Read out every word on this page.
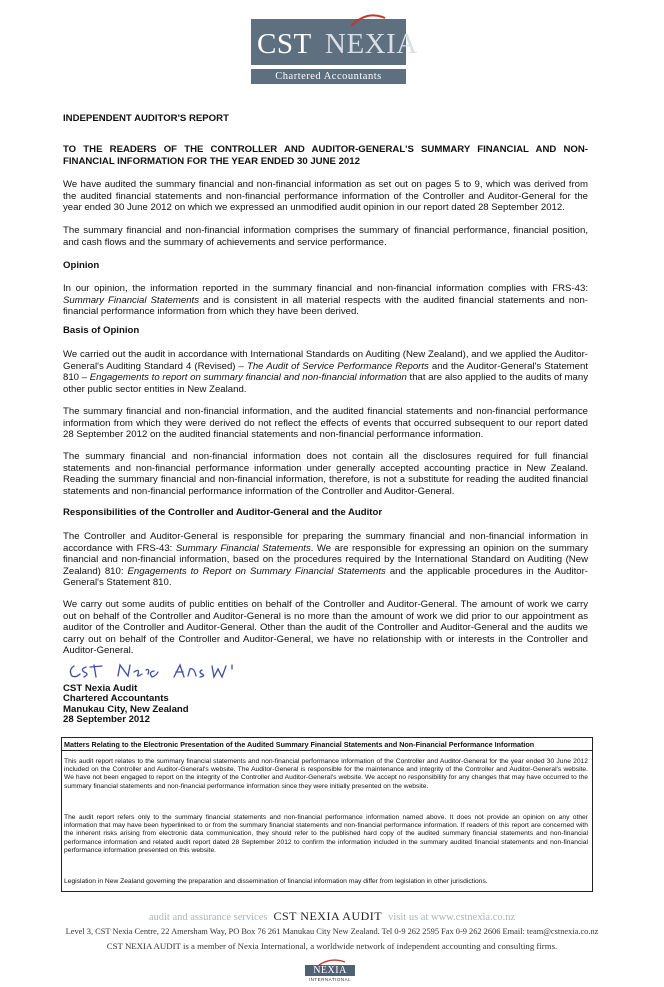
CST NEXIA
Chartered Accountants

INDEPENDENT AUDITOR'S REPORT

TO THE READERS OF THE CONTROLLER AND AUDITOR-GENERAL'S SUMMARY FINANCIAL AND NON-FINANCIAL INFORMATION FOR THE YEAR ENDED 30 JUNE 2012

We have audited the summary financial and non-financial information as set out on pages 5 to 9, which was derived from the audited financial statements and non-financial performance information of the Controller and Auditor-General for the year ended 30 June 2012 on which we expressed an unmodified audit opinion in our report dated 28 September 2012.

The summary financial and non-financial information comprises the summary of financial performance, financial position, and cash flows and the summary of achievements and service performance.

Opinion

In our opinion, the information reported in the summary financial and non-financial information complies with FRS-43: Summary Financial Statements and is consistent in all material respects with the audited financial statements and non-financial performance information from which they have been derived.

Basis of Opinion

We carried out the audit in accordance with International Standards on Auditing (New Zealand), and we applied the Auditor-General's Auditing Standard 4 (Revised) – The Audit of Service Performance Reports and the Auditor-General's Statement 810 – Engagements to report on summary financial and non-financial information that are also applied to the audits of many other public sector entities in New Zealand.

The summary financial and non-financial information, and the audited financial statements and non-financial performance information from which they were derived do not reflect the effects of events that occurred subsequent to our report dated 28 September 2012 on the audited financial statements and non-financial performance information.

The summary financial and non-financial information does not contain all the disclosures required for full financial statements and non-financial performance information under generally accepted accounting practice in New Zealand. Reading the summary financial and non-financial information, therefore, is not a substitute for reading the audited financial statements and non-financial performance information of the Controller and Auditor-General.

Responsibilities of the Controller and Auditor-General and the Auditor

The Controller and Auditor-General is responsible for preparing the summary financial and non-financial information in accordance with FRS-43: Summary Financial Statements. We are responsible for expressing an opinion on the summary financial and non-financial information, based on the procedures required by the International Standard on Auditing (New Zealand) 810: Engagements to Report on Summary Financial Statements and the applicable procedures in the Auditor-General's Statement 810.

We carry out some audits of public entities on behalf of the Controller and Auditor-General. The amount of work we carry out on behalf of the Controller and Auditor-General is no more than the amount of work we did prior to our appointment as auditor of the Controller and Auditor-General. Other than the audit of the Controller and Auditor-General and the audits we carry out on behalf of the Controller and Auditor-General, we have no relationship with or interests in the Controller and Auditor-General.

CST Nexia Audit
Chartered Accountants
Manukau City, New Zealand
28 September 2012
Matters Relating to the Electronic Presentation of the Audited Summary Financial Statements and Non-Financial Performance Information

This audit report relates to the summary financial statements and non-financial performance information of the Controller and Auditor-General for the year ended 30 June 2012 included on the Controller and Auditor-General's website. The Auditor-General is responsible for the maintenance and integrity of the Controller and Auditor-General's website. We have not been engaged to report on the integrity of the Controller and Auditor-General's website. We accept no responsibility for any changes that may have occurred to the summary financial statements and non-financial performance information since they were initially presented on the website.

The audit report refers only to the summary financial statements and non-financial performance information named above. It does not provide an opinion on any other information that may have been hyperlinked to or from the summary financial statements and non-financial performance information. If readers of this report are concerned with the inherent risks arising from electronic data communication, they should refer to the published hard copy of the audited summary financial statements and non-financial performance information and related audit report dated 28 September 2012 to confirm the information included in the summary audited financial statements and non-financial performance information presented on this website.

Legislation in New Zealand governing the preparation and dissemination of financial information may differ from legislation in other jurisdictions.

audit and assurance services CST NEXIA AUDIT visit us at www.cstnexia.co.nz
Level 3, CST Nexia Centre, 22 Amersham Way, PO Box 76 261 Manukau City New Zealand. Tel 0-9 262 2595 Fax 0-9 262 2606 Email: team@cstnexia.co.nz
CST NEXIA AUDIT is a member of Nexia International, a worldwide network of independent accounting and consulting firms.
NEXIA
INTERNATIONAL
